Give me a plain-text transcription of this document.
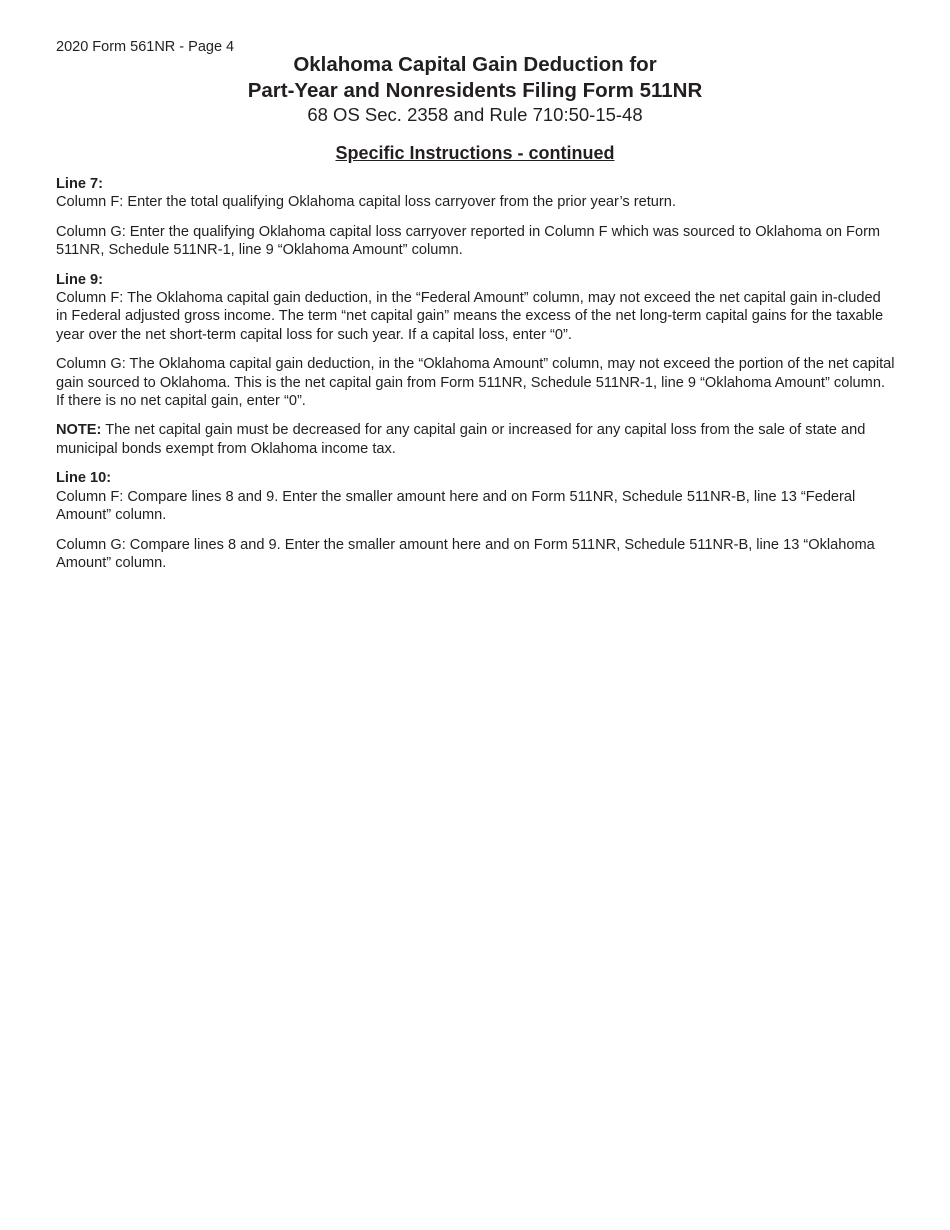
2020 Form 561NR - Page 4
Oklahoma Capital Gain Deduction for
Part-Year and Nonresidents Filing Form 511NR
68 OS Sec. 2358 and Rule 710:50-15-48
Specific Instructions - continued

Line 7:

Column F: Enter the total qualifying Oklahoma capital loss carryover from the prior year’s return.

Column G: Enter the qualifying Oklahoma capital loss carryover reported in Column F which was sourced to Oklahoma on Form 511NR, Schedule 511NR-1, line 9 “Oklahoma Amount” column.

Line 9:

Column F: The Oklahoma capital gain deduction, in the “Federal Amount” column, may not exceed the net capital gain in-cluded in Federal adjusted gross income. The term “net capital gain” means the excess of the net long-term capital gains for the taxable year over the net short-term capital loss for such year. If a capital loss, enter “0”.

Column G: The Oklahoma capital gain deduction, in the “Oklahoma Amount” column, may not exceed the portion of the net capital gain sourced to Oklahoma. This is the net capital gain from Form 511NR, Schedule 511NR-1, line 9 “Oklahoma Amount” column. If there is no net capital gain, enter “0”.

NOTE: The net capital gain must be decreased for any capital gain or increased for any capital loss from the sale of state and municipal bonds exempt from Oklahoma income tax.

Line 10:

Column F: Compare lines 8 and 9. Enter the smaller amount here and on Form 511NR, Schedule 511NR-B, line 13 “Federal Amount” column.

Column G: Compare lines 8 and 9. Enter the smaller amount here and on Form 511NR, Schedule 511NR-B, line 13 “Oklahoma Amount” column.
